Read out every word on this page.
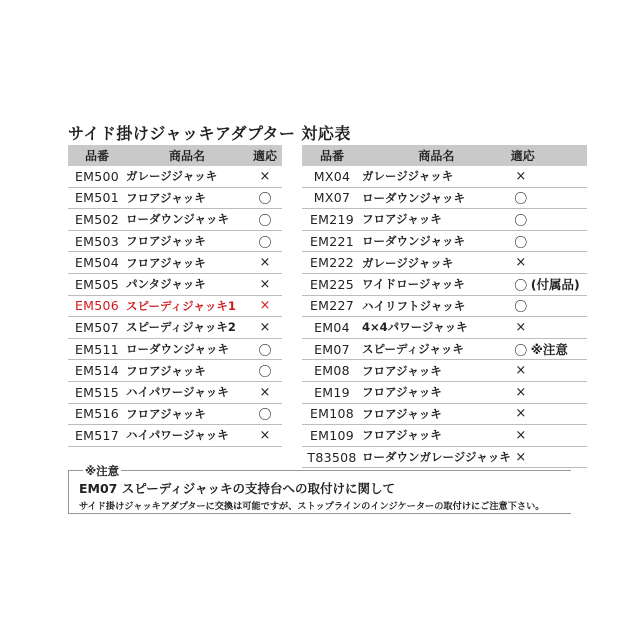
サイド掛けジャッキアダプター 対応表
品番	商品名	適応
EM500	ガレージジャッキ	×
EM501	フロアジャッキ	〇
EM502	ローダウンジャッキ	〇
EM503	フロアジャッキ	〇
EM504	フロアジャッキ	×
EM505	パンタジャッキ	×
EM506	スピーディジャッキ1	×
EM507	スピーディジャッキ2	×
EM511	ローダウンジャッキ	〇
EM514	フロアジャッキ	〇
EM515	ハイパワージャッキ	×
EM516	フロアジャッキ	〇
EM517	ハイパワージャッキ	×
品番	商品名	適応	
MX04	ガレージジャッキ	×	
MX07	ローダウンジャッキ	〇	
EM219	フロアジャッキ	〇	
EM221	ローダウンジャッキ	〇	
EM222	ガレージジャッキ	×	
EM225	ワイドロージャッキ	〇	(付属品)
EM227	ハイリフトジャッキ	〇	
EM04	4×4パワージャッキ	×	
EM07	スピーディジャッキ	〇	※注意
EM08	フロアジャッキ	×	
EM19	フロアジャッキ	×	
EM108	フロアジャッキ	×	
EM109	フロアジャッキ	×	
T83508	ローダウンガレージジャッキ	×	
※注意
EM07 スピーディジャッキの支持台への取付けに関して
サイド掛けジャッキアダプターに交換は可能ですが、ストップラインのインジケーターの取付けにご注意下さい。
